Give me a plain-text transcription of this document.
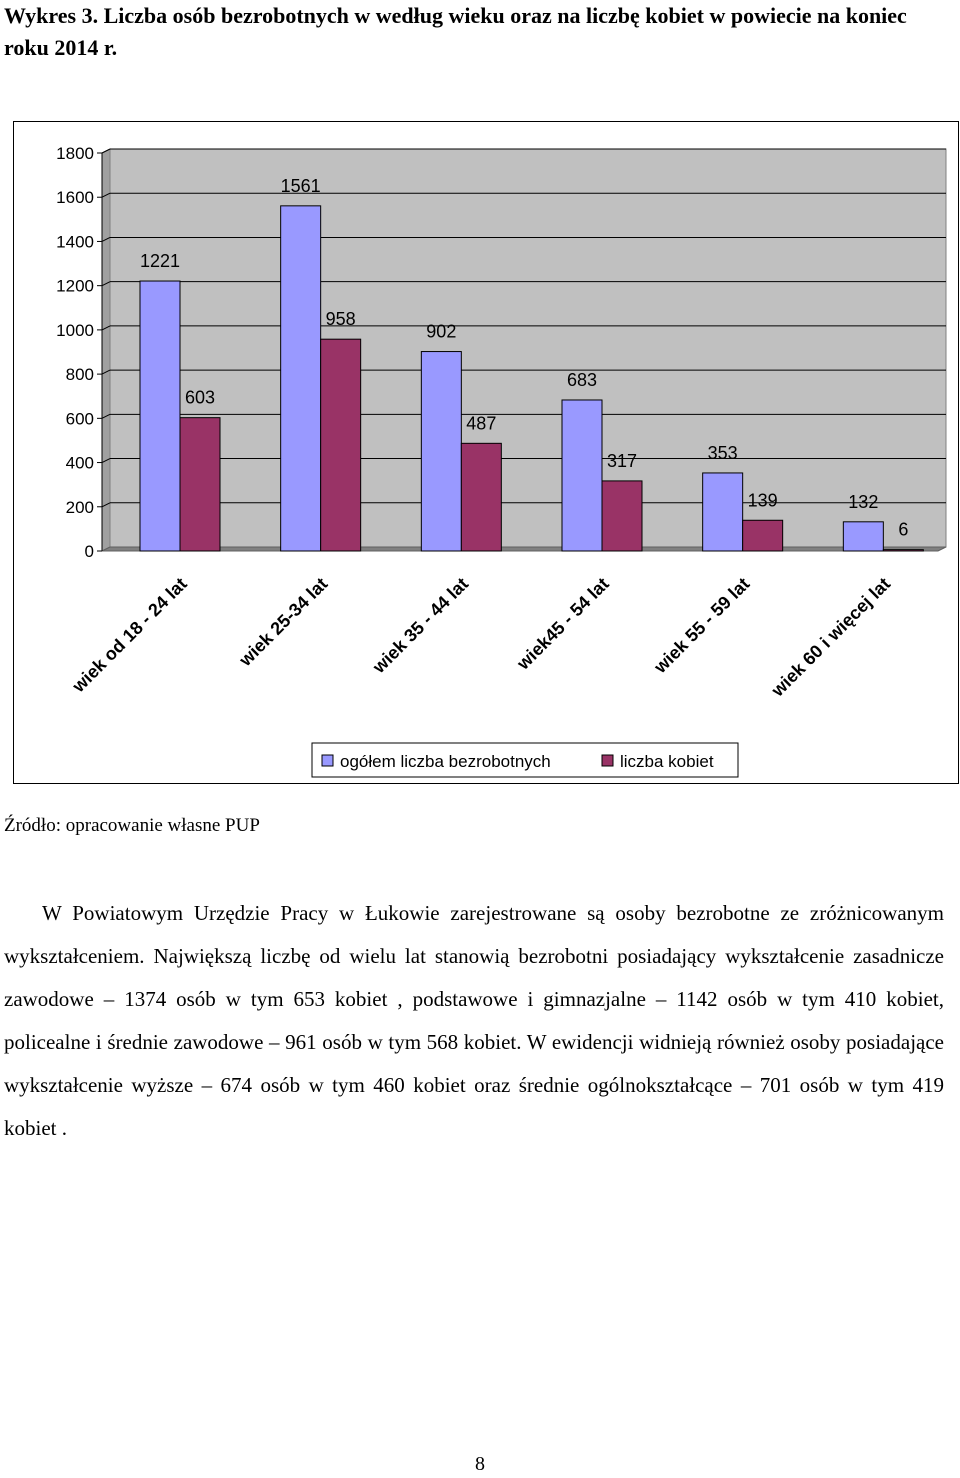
Wykres 3. Liczba osób bezrobotnych w według wieku oraz na liczbę kobiet w powiecie na koniec roku 2014 r.
0
200
400
600
800
1000
1200
1400
1600
1800
1221
603
wiek od 18 - 24 lat
1561
958
wiek 25-34 lat
902
487
wiek 35 - 44 lat
683
317
wiek45 - 54 lat
353
139
wiek 55 - 59 lat
132
6
wiek 60 i więcej lat
ogółem liczba bezrobotnych	liczba kobiet
Źródło: opracowanie własne PUP
W Powiatowym Urzędzie Pracy w Łukowie zarejestrowane są osoby bezrobotne ze zróżnicowanym wykształceniem. Największą liczbę od wielu lat stanowią bezrobotni posiadający wykształcenie zasadnicze zawodowe – 1374 osób w tym 653 kobiet , podstawowe i gimnazjalne – 1142 osób w tym 410 kobiet, policealne i średnie zawodowe – 961 osób w tym 568 kobiet. W ewidencji widnieją również osoby posiadające wykształcenie wyższe – 674 osób w tym 460 kobiet oraz średnie ogólnokształcące – 701 osób w tym 419 kobiet .
8
